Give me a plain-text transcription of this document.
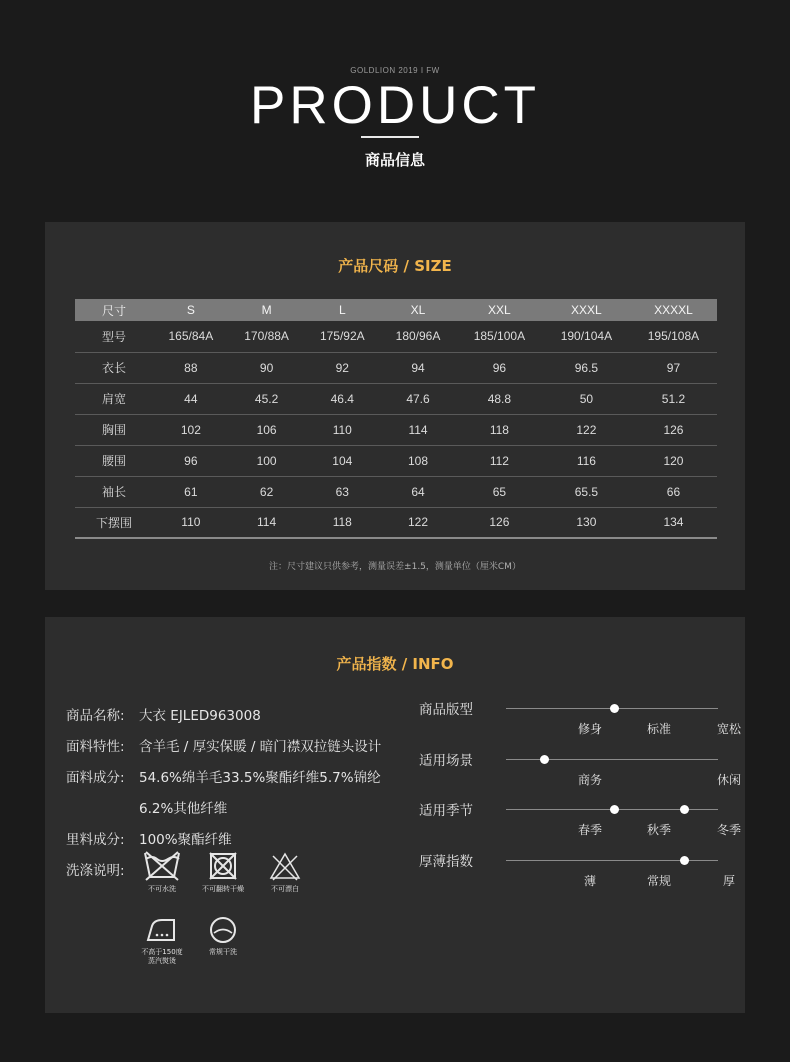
GOLDLION 2019 I FW
PRODUCT
商品信息
产品尺码 / SIZE
尺寸	S	M	L	XL	XXL	XXXL	XXXXL
型号	165/84A	170/88A	175/92A	180/96A	185/100A	190/104A	195/108A
衣长	88	90	92	94	96	96.5	97
肩宽	44	45.2	46.4	47.6	48.8	50	51.2
胸围	102	106	110	114	118	122	126
腰围	96	100	104	108	112	116	120
袖长	61	62	63	64	65	65.5	66
下摆围	110	114	118	122	126	130	134
注：尺寸建议只供参考，测量误差±1.5，测量单位（厘米CM）
产品指数 / INFO
商品名称:	大衣 EJLED963008
面料特性:	含羊毛 / 厚实保暖 / 暗门襟双拉链头设计
面料成分:	54.6%绵羊毛33.5%聚酯纤维5.7%锦纶
6.2%其他纤维
里料成分:	100%聚酯纤维
洗涤说明:
不可水洗	不可翻转干燥	不可漂白
不高于150度
蒸汽熨烫
常规干洗
商品版型
修身	标准	宽松
适用场景
商务	休闲
适用季节
春季	秋季	冬季
厚薄指数
薄	常规	厚
